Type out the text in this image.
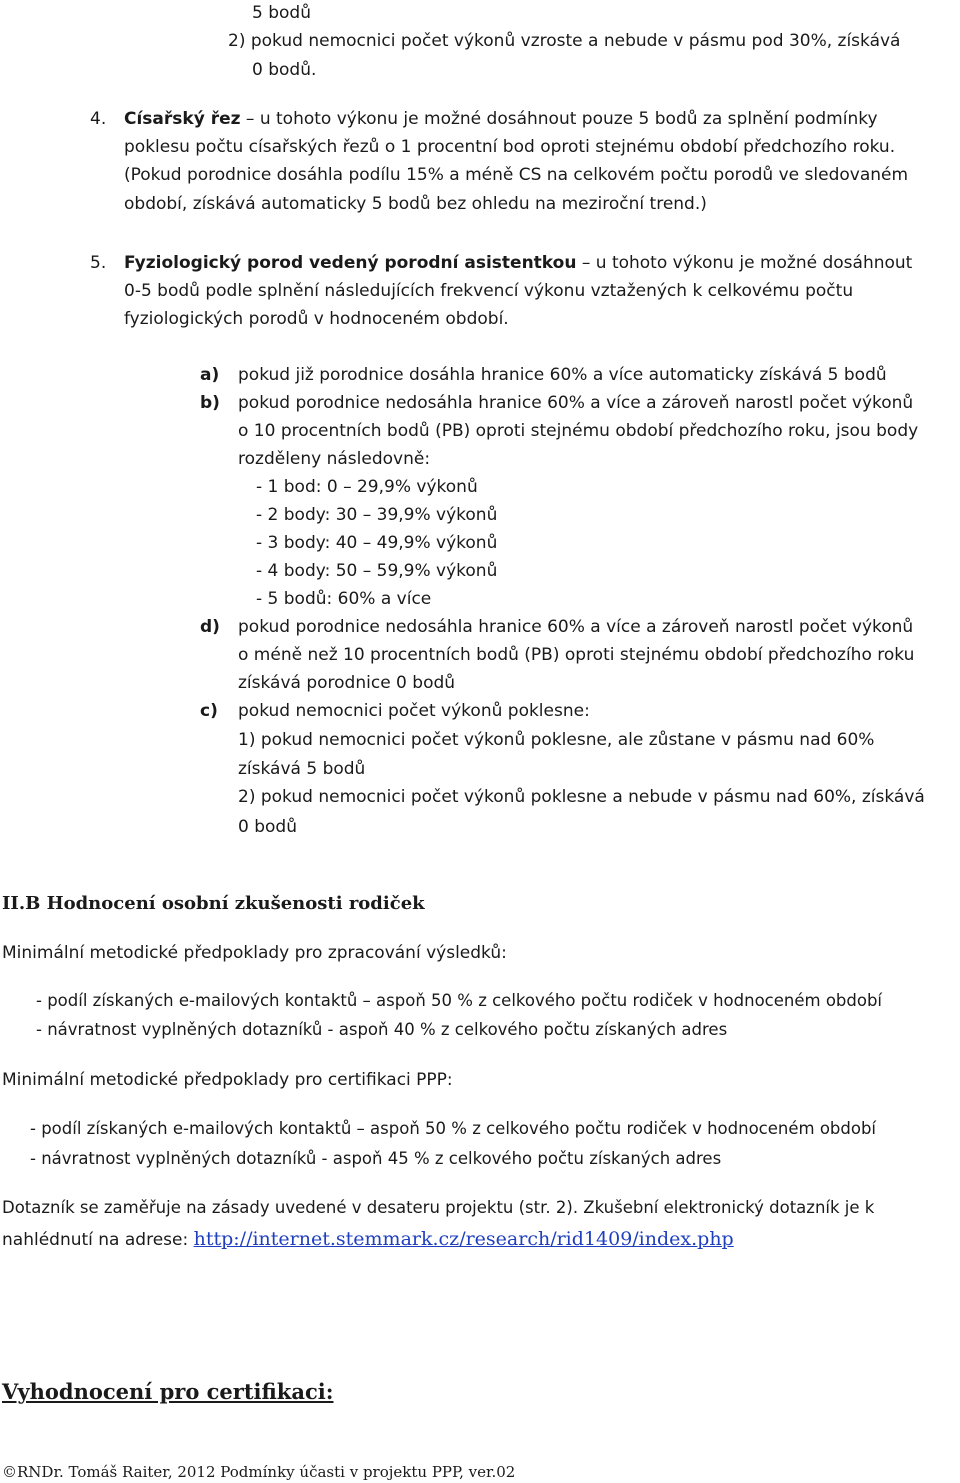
5 bodů
2) pokud nemocnici počet výkonů vzroste a nebude v pásmu pod 30%, získává
0 bodů.
4. Císařský řez – u tohoto výkonu je možné dosáhnout pouze 5 bodů za splnění podmínky
poklesu počtu císařských řezů o 1 procentní bod oproti stejnému období předchozího roku.
(Pokud porodnice dosáhla podílu 15% a méně CS na celkovém počtu porodů ve sledovaném
období, získává automaticky 5 bodů bez ohledu na meziroční trend.)
5. Fyziologický porod vedený porodní asistentkou – u tohoto výkonu je možné dosáhnout
0-5 bodů podle splnění následujících frekvencí výkonu vztažených k celkovému počtu
fyziologických porodů v hodnoceném období.
a) pokud již porodnice dosáhla hranice 60% a více automaticky získává 5 bodů
b) pokud porodnice nedosáhla hranice 60% a více a zároveň narostl počet výkonů
o 10 procentních bodů (PB) oproti stejnému období předchozího roku, jsou body
rozděleny následovně:
- 1 bod: 0 – 29,9% výkonů
- 2 body: 30 – 39,9% výkonů
- 3 body: 40 – 49,9% výkonů
- 4 body: 50 – 59,9% výkonů
- 5 bodů: 60% a více
d) pokud porodnice nedosáhla hranice 60% a více a zároveň narostl počet výkonů
o méně než 10 procentních bodů (PB) oproti stejnému období předchozího roku
získává porodnice 0 bodů
c) pokud nemocnici počet výkonů poklesne:
1) pokud nemocnici počet výkonů poklesne, ale zůstane v pásmu nad 60%
získává 5 bodů
2) pokud nemocnici počet výkonů poklesne a nebude v pásmu nad 60%, získává
0 bodů
II.B Hodnocení osobní zkušenosti rodiček
Minimální metodické předpoklady pro zpracování výsledků:
- podíl získaných e-mailových kontaktů – aspoň 50 % z celkového počtu rodiček v hodnoceném období
- návratnost vyplněných dotazníků - aspoň 40 % z celkového počtu získaných adres
Minimální metodické předpoklady pro certifikaci PPP:
- podíl získaných e-mailových kontaktů – aspoň 50 % z celkového počtu rodiček v hodnoceném období
- návratnost vyplněných dotazníků - aspoň 45 % z celkového počtu získaných adres
Dotazník se zaměřuje na zásady uvedené v desateru projektu (str. 2). Zkušební elektronický dotazník je k
nahlédnutí na adrese: http://internet.stemmark.cz/research/rid1409/index.php
Vyhodnocení pro certifikaci:
©RNDr. Tomáš Raiter, 2012 Podmínky účasti v projektu PPP, ver.02
